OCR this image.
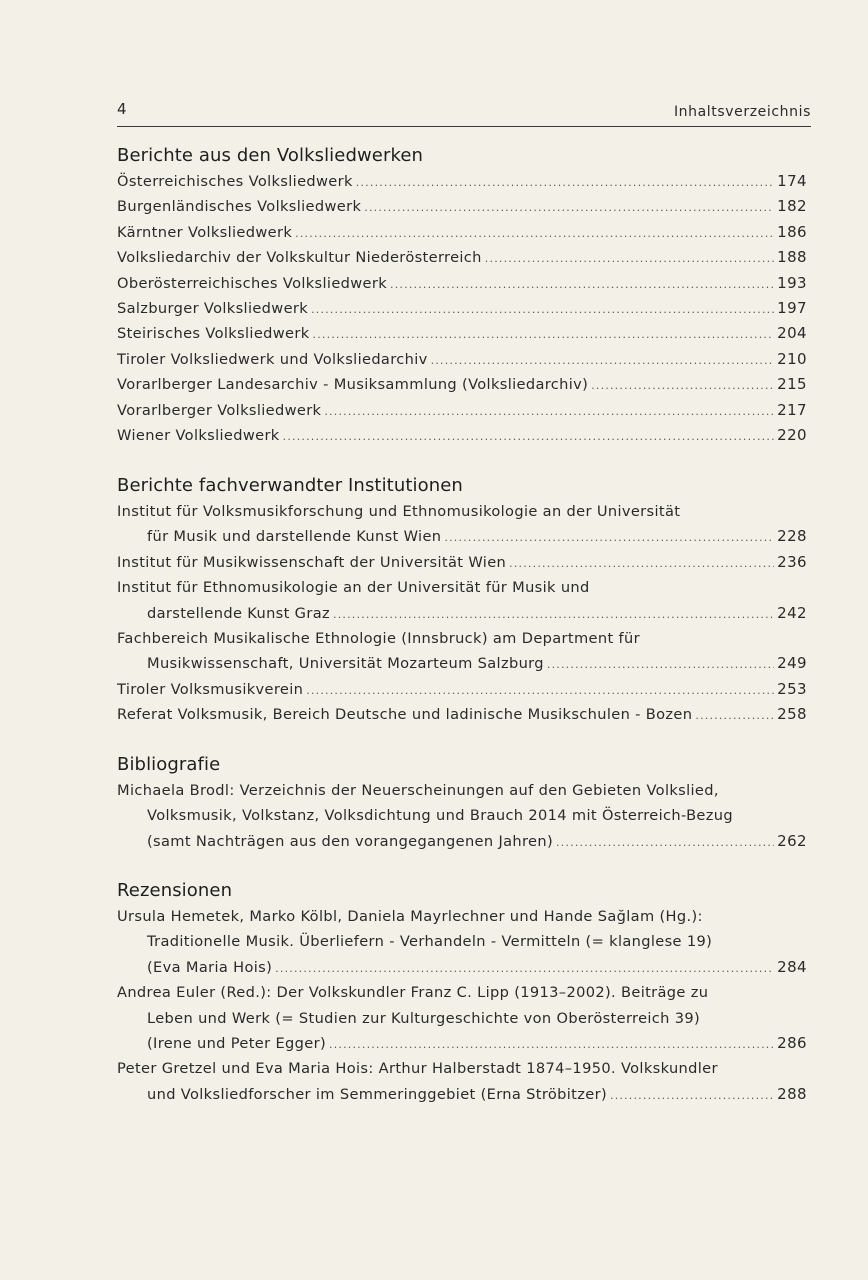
4	Inhaltsverzeichnis
Berichte aus den Volksliedwerken
Österreichisches Volksliedwerk .....	174
Burgenländisches Volksliedwerk .....	182
Kärntner Volksliedwerk .....	186
Volksliedarchiv der Volkskultur Niederösterreich .....	188
Oberösterreichisches Volksliedwerk .....	193
Salzburger Volksliedwerk .....	197
Steirisches Volksliedwerk .....	204
Tiroler Volksliedwerk und Volksliedarchiv .....	210
Vorarlberger Landesarchiv - Musiksammlung (Volksliedarchiv) .....	215
Vorarlberger Volksliedwerk .....	217
Wiener Volksliedwerk .....	220
Berichte fachverwandter Institutionen
Institut für Volksmusikforschung und Ethnomusikologie an der Universität
für Musik und darstellende Kunst Wien .....	228
Institut für Musikwissenschaft der Universität Wien .....	236
Institut für Ethnomusikologie an der Universität für Musik und
darstellende Kunst Graz .....	242
Fachbereich Musikalische Ethnologie (Innsbruck) am Department für
Musikwissenschaft, Universität Mozarteum Salzburg .....	249
Tiroler Volksmusikverein .....	253
Referat Volksmusik, Bereich Deutsche und ladinische Musikschulen - Bozen .....	258
Bibliografie
Michaela Brodl: Verzeichnis der Neuerscheinungen auf den Gebieten Volkslied,
Volksmusik, Volkstanz, Volksdichtung und Brauch 2014 mit Österreich-Bezug
(samt Nachträgen aus den vorangegangenen Jahren) .....	262
Rezensionen
Ursula Hemetek, Marko Kölbl, Daniela Mayrlechner und Hande Sağlam (Hg.):
Traditionelle Musik. Überliefern - Verhandeln - Vermitteln (= klanglese 19)
(Eva Maria Hois) .....	284
Andrea Euler (Red.): Der Volkskundler Franz C. Lipp (1913–2002). Beiträge zu
Leben und Werk (= Studien zur Kulturgeschichte von Oberösterreich 39)
(Irene und Peter Egger) .....	286
Peter Gretzel und Eva Maria Hois: Arthur Halberstadt 1874–1950. Volkskundler
und Volksliedforscher im Semmeringgebiet (Erna Ströbitzer) .....	288
